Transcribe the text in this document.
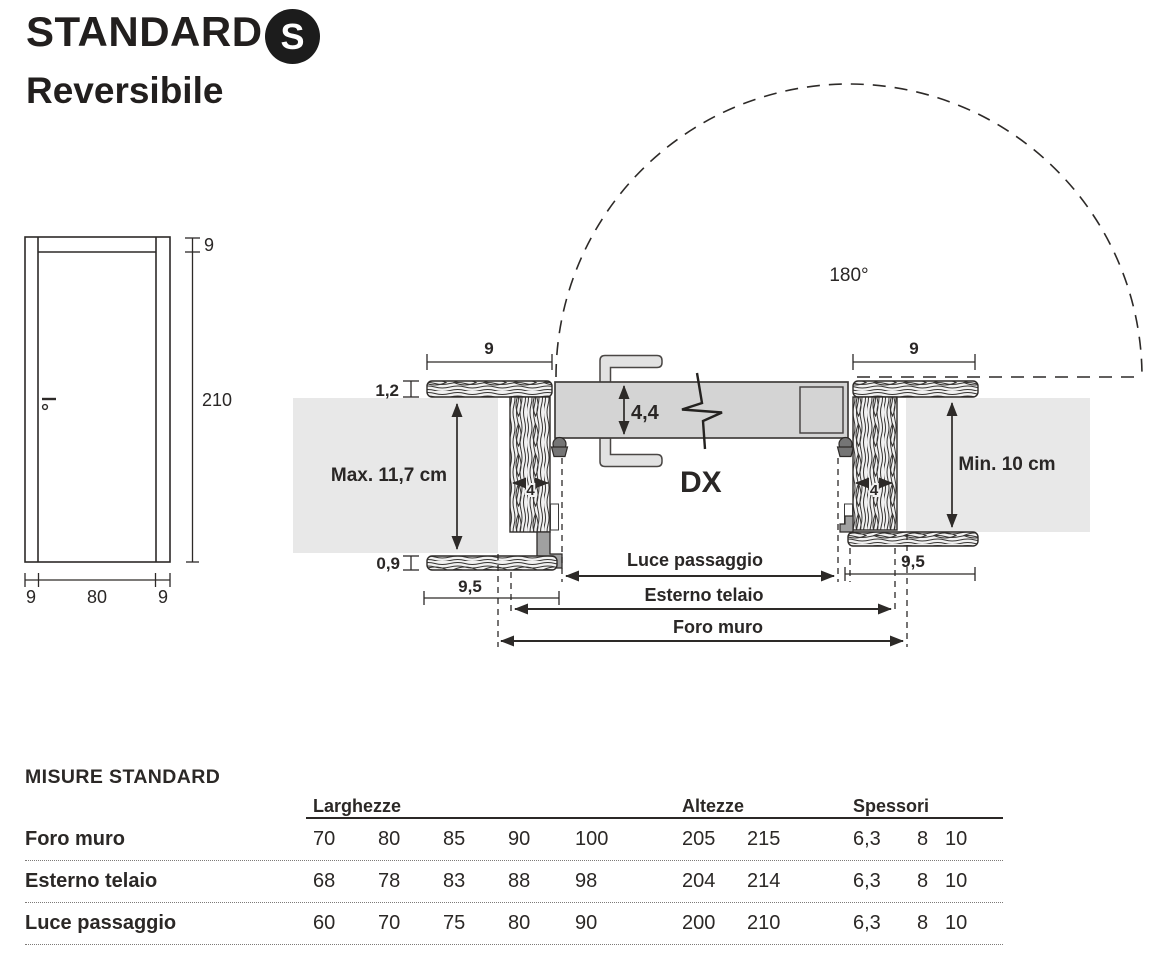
9
210
9	80	9
180°
Max. 11,7 cm
9
1,2
0,9
9,5
4
4,4
DX
Min. 10 cm
9
9,5
4
Luce passaggio
Esterno telaio
Foro muro
STANDARD S
Reversibile

MISURE STANDARD

Larghezze	Altezze	Spessori
Foro muro	70	80	85	90	100	205	215	6,3	8 10
Esterno telaio	68	78	83	88	98	204	214	6,3	8 10
Luce passaggio	60	70	75	80	90	200	210	6,3	8 10
